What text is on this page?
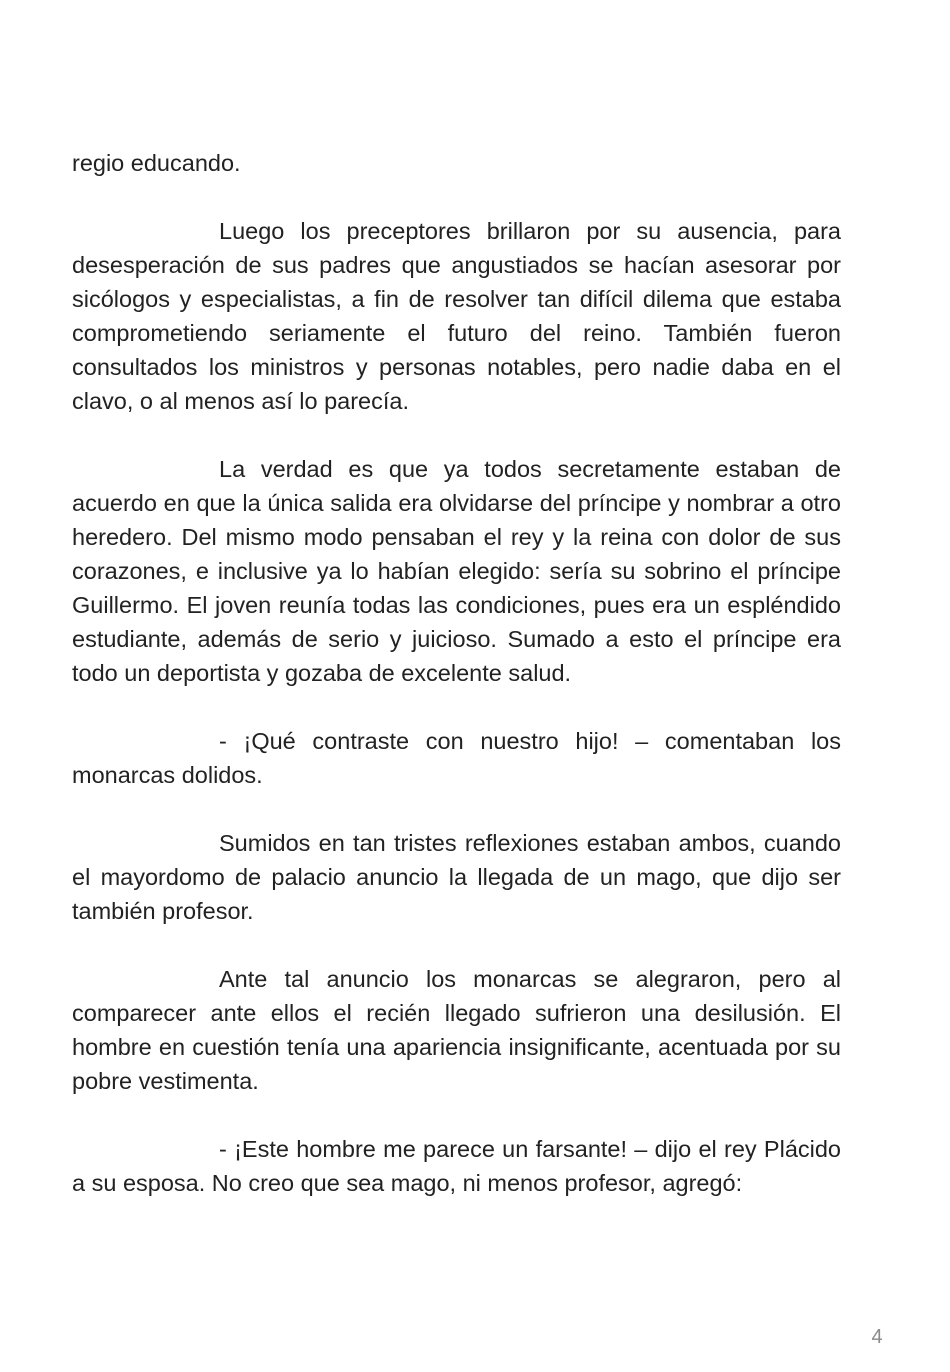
regio educando.

Luego los preceptores brillaron por su ausencia, para desesperación de sus padres que angustiados se hacían asesorar por sicólogos y especialistas, a fin de resolver tan difícil dilema que estaba comprometiendo seriamente el futuro del reino. También fueron consultados los ministros y personas notables, pero nadie daba en el clavo, o al menos así lo parecía.

La verdad es que ya todos secretamente estaban de acuerdo en que la única salida era olvidarse del príncipe y nombrar a otro heredero. Del mismo modo pensaban el rey y la reina con dolor de sus corazones, e inclusive ya lo habían elegido: sería su sobrino el príncipe Guillermo. El joven reunía todas las condiciones, pues era un espléndido estudiante, además de serio y juicioso. Sumado a esto el príncipe era todo un deportista y gozaba de excelente salud.

- ¡Qué contraste con nuestro hijo! – comentaban los monarcas dolidos.

Sumidos en tan tristes reflexiones estaban ambos, cuando el mayordomo de palacio anuncio la llegada de un mago, que dijo ser también profesor.

Ante tal anuncio los monarcas se alegraron, pero al comparecer ante ellos el recién llegado sufrieron una desilusión. El hombre en cuestión tenía una apariencia insignificante, acentuada por su pobre vestimenta.

- ¡Este hombre me parece un farsante! – dijo el rey Plácido a su esposa. No creo que sea mago, ni menos profesor, agregó:

4
